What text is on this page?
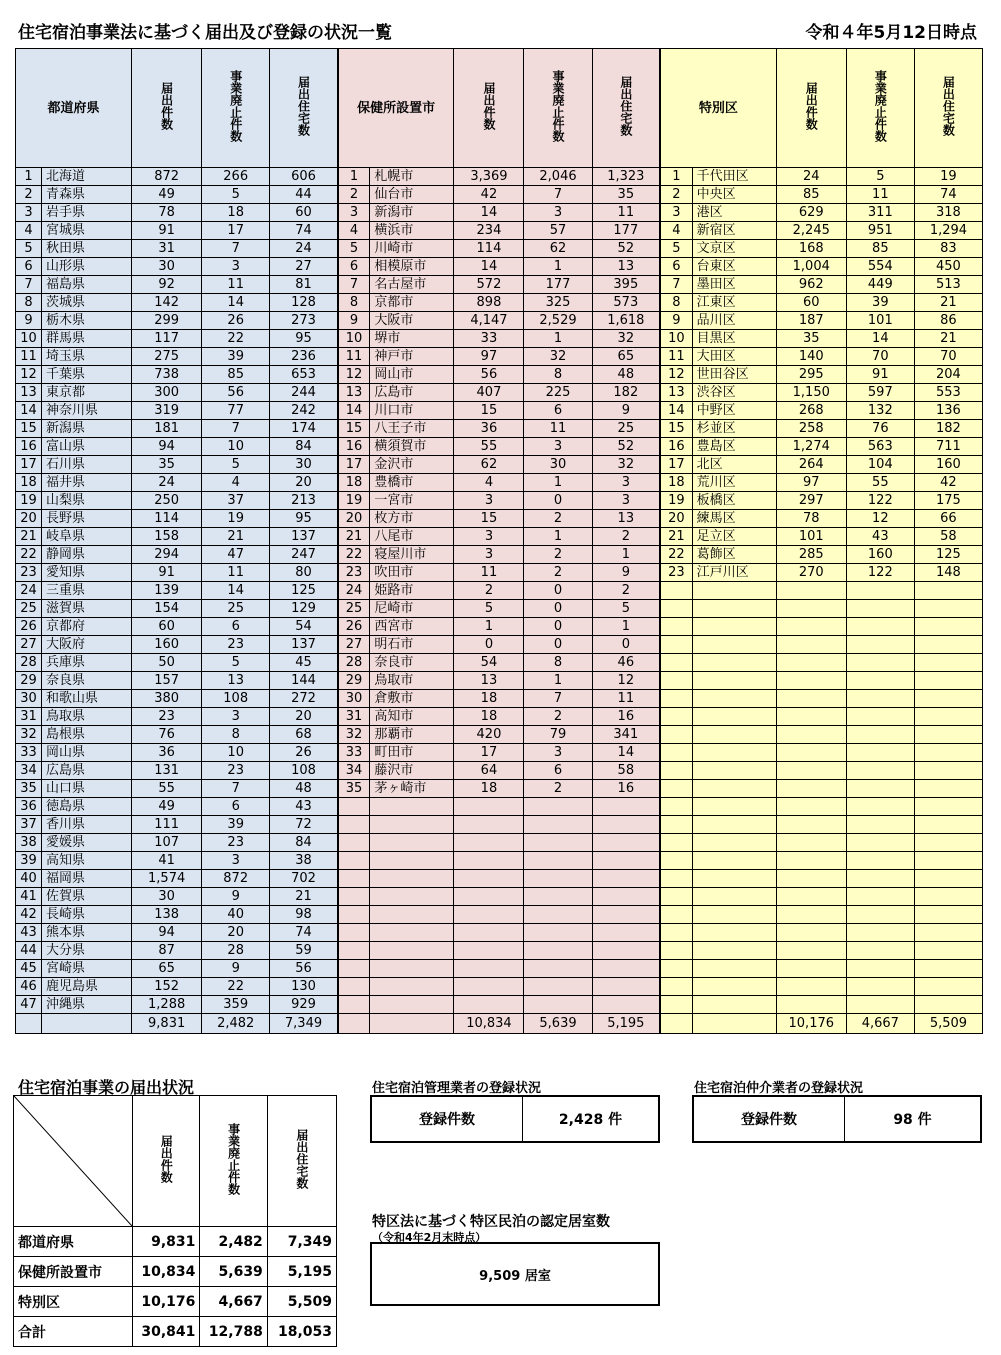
住宅宿泊事業法に基づく届出及び登録の状況一覧	令和４年5月12日時点
都道府県		届出件数	事業廃止件数	届出住宅数	保健所設置市		届出件数	事業廃止件数	届出住宅数	特別区		届出件数	事業廃止件数	届出住宅数
1	北海道	872	266	606	1	札幌市	3,369	2,046	1,323	1	千代田区	24	5	19
2	青森県	49	5	44	2	仙台市	42	7	35	2	中央区	85	11	74
3	岩手県	78	18	60	3	新潟市	14	3	11	3	港区	629	311	318
4	宮城県	91	17	74	4	横浜市	234	57	177	4	新宿区	2,245	951	1,294
5	秋田県	31	7	24	5	川崎市	114	62	52	5	文京区	168	85	83
6	山形県	30	3	27	6	相模原市	14	1	13	6	台東区	1,004	554	450
7	福島県	92	11	81	7	名古屋市	572	177	395	7	墨田区	962	449	513
8	茨城県	142	14	128	8	京都市	898	325	573	8	江東区	60	39	21
9	栃木県	299	26	273	9	大阪市	4,147	2,529	1,618	9	品川区	187	101	86
10	群馬県	117	22	95	10	堺市	33	1	32	10	目黒区	35	14	21
11	埼玉県	275	39	236	11	神戸市	97	32	65	11	大田区	140	70	70
12	千葉県	738	85	653	12	岡山市	56	8	48	12	世田谷区	295	91	204
13	東京都	300	56	244	13	広島市	407	225	182	13	渋谷区	1,150	597	553
14	神奈川県	319	77	242	14	川口市	15	6	9	14	中野区	268	132	136
15	新潟県	181	7	174	15	八王子市	36	11	25	15	杉並区	258	76	182
16	富山県	94	10	84	16	横須賀市	55	3	52	16	豊島区	1,274	563	711
17	石川県	35	5	30	17	金沢市	62	30	32	17	北区	264	104	160
18	福井県	24	4	20	18	豊橋市	4	1	3	18	荒川区	97	55	42
19	山梨県	250	37	213	19	一宮市	3	0	3	19	板橋区	297	122	175
20	長野県	114	19	95	20	枚方市	15	2	13	20	練馬区	78	12	66
21	岐阜県	158	21	137	21	八尾市	3	1	2	21	足立区	101	43	58
22	静岡県	294	47	247	22	寝屋川市	3	2	1	22	葛飾区	285	160	125
23	愛知県	91	11	80	23	吹田市	11	2	9	23	江戸川区	270	122	148
24	三重県	139	14	125	24	姫路市	2	0	2					
25	滋賀県	154	25	129	25	尼崎市	5	0	5					
26	京都府	60	6	54	26	西宮市	1	0	1					
27	大阪府	160	23	137	27	明石市	0	0	0					
28	兵庫県	50	5	45	28	奈良市	54	8	46					
29	奈良県	157	13	144	29	鳥取市	13	1	12					
30	和歌山県	380	108	272	30	倉敷市	18	7	11					
31	鳥取県	23	3	20	31	高知市	18	2	16					
32	島根県	76	8	68	32	那覇市	420	79	341					
33	岡山県	36	10	26	33	町田市	17	3	14					
34	広島県	131	23	108	34	藤沢市	64	6	58					
35	山口県	55	7	48	35	茅ヶ崎市	18	2	16					
36	徳島県	49	6	43										
37	香川県	111	39	72										
38	愛媛県	107	23	84										
39	高知県	41	3	38										
40	福岡県	1,574	872	702										
41	佐賀県	30	9	21										
42	長崎県	138	40	98										
43	熊本県	94	20	74										
44	大分県	87	28	59										
45	宮崎県	65	9	56										
46	鹿児島県	152	22	130										
47	沖縄県	1,288	359	929										
		9,831	2,482	7,349			10,834	5,639	5,195			10,176	4,667	5,509
住宅宿泊事業の届出状況
	届出件数	事業廃止件数	届出住宅数
都道府県	9,831	2,482	7,349
保健所設置市	10,834	5,639	5,195
特別区	10,176	4,667	5,509
合計	30,841	12,788	18,053
住宅宿泊管理業者の登録状況
登録件数	2,428 件
住宅宿泊仲介業者の登録状況
登録件数	98 件
特区法に基づく特区民泊の認定居室数
（令和4年2月末時点）
9,509 居室
